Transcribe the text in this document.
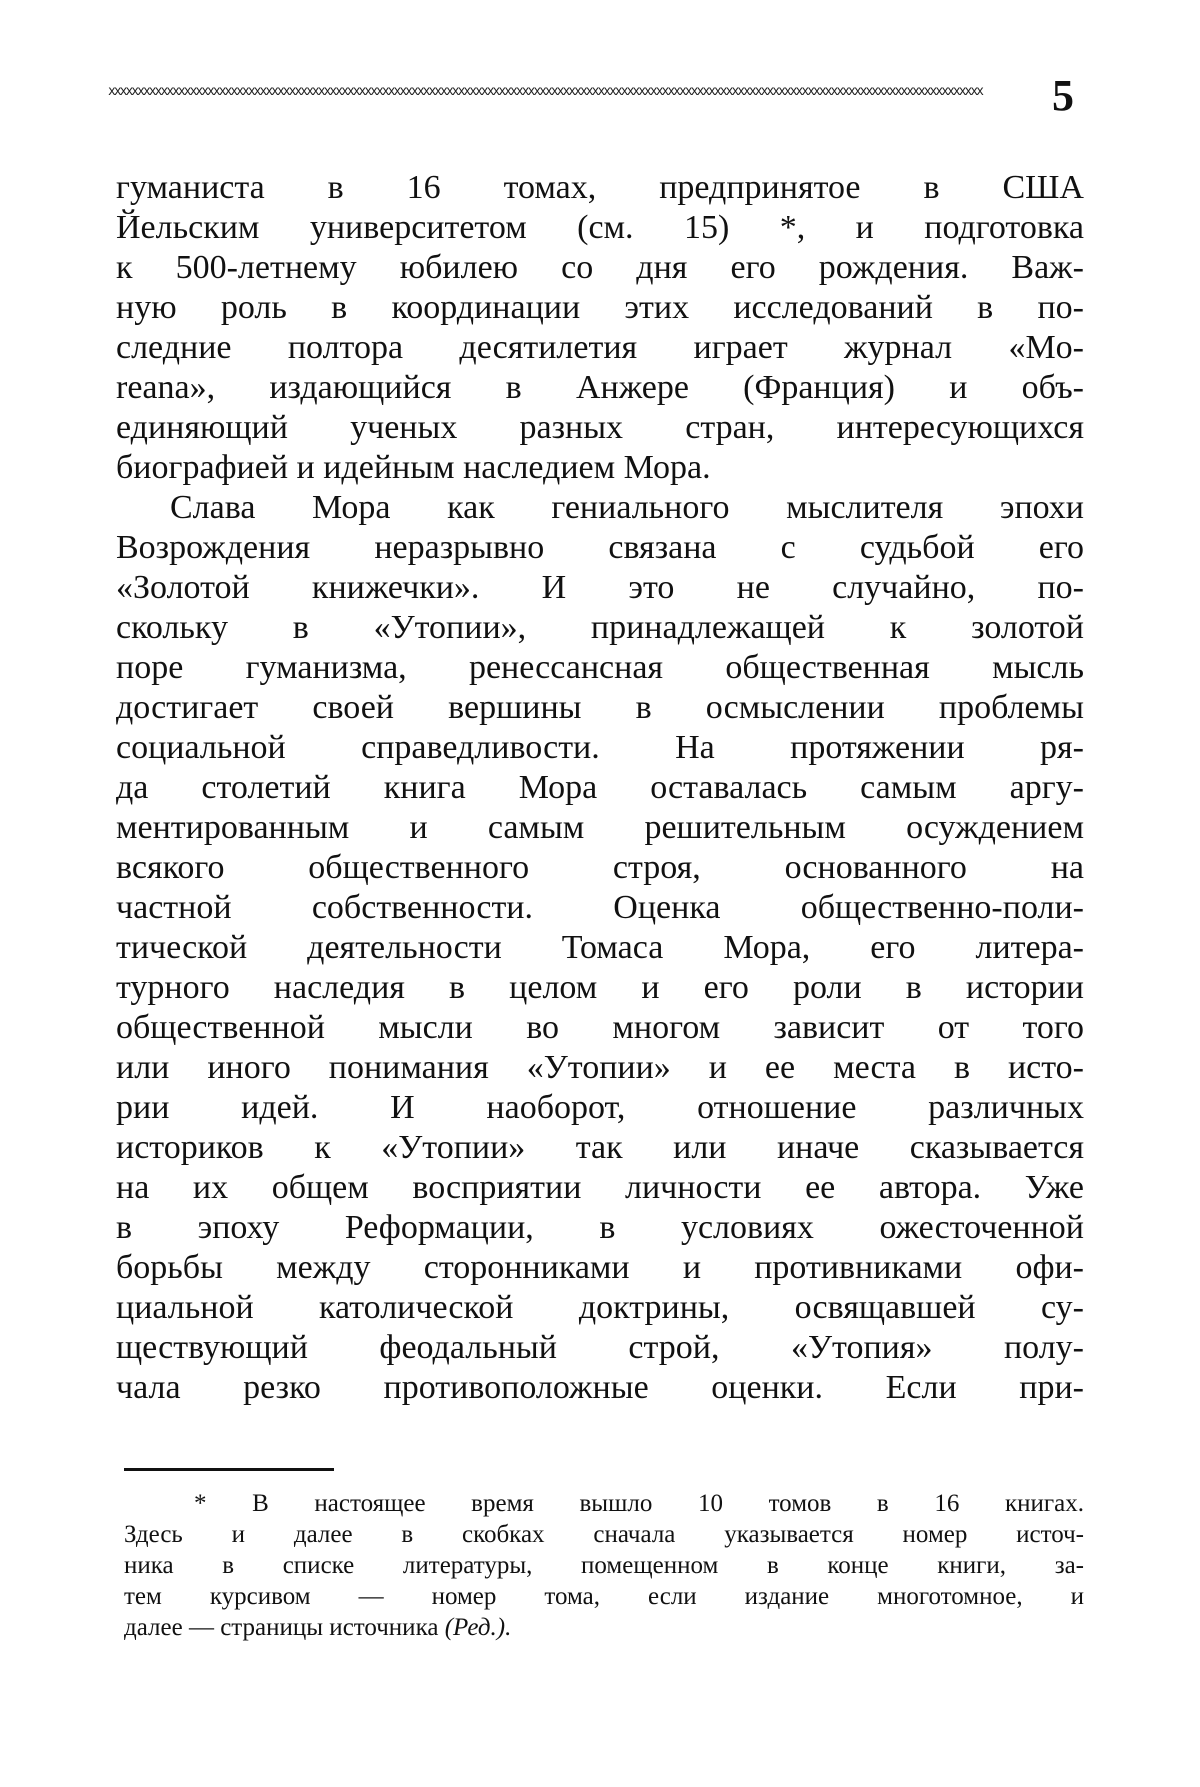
xxxxxxxxxxxxxxxxxxxxxxxxxxxxxxxxxxxxxxxxxxxxxxxxxxxxxxxxxxxxxxxxxxxxxxxxxxxxxxxxxxxxxxxxxxxxxxxxxxxxxxxxxxxxxxxxxxxxxxxxxxxxxxxxxxxxxxxxxxxxxxxxxxxxxx	5
гуманиста в 16 томах, предпринятое в США
Йельским университетом (см. 15) *, и подготовка
к 500-летнему юбилею со дня его рождения. Важ-
ную роль в координации этих исследований в по-
следние полтора десятилетия играет журнал «Mo-
reana», издающийся в Анжере (Франция) и объ-
единяющий ученых разных стран, интересующихся
биографией и идейным наследием Мора.
Слава Мора как гениального мыслителя эпохи
Возрождения неразрывно связана с судьбой его
«Золотой книжечки». И это не случайно, по-
скольку в «Утопии», принадлежащей к золотой
поре гуманизма, ренессансная общественная мысль
достигает своей вершины в осмыслении проблемы
социальной справедливости. На протяжении ря-
да столетий книга Мора оставалась самым аргу-
ментированным и самым решительным осуждением
всякого общественного строя, основанного на
частной собственности. Оценка общественно-поли-
тической деятельности Томаса Мора, его литера-
турного наследия в целом и его роли в истории
общественной мысли во многом зависит от того
или иного понимания «Утопии» и ее места в исто-
рии идей. И наоборот, отношение различных
историков к «Утопии» так или иначе сказывается
на их общем восприятии личности ее автора. Уже
в эпоху Реформации, в условиях ожесточенной
борьбы между сторонниками и противниками офи-
циальной католической доктрины, освящавшей су-
ществующий феодальный строй, «Утопия» полу-
чала резко противоположные оценки. Если при-
* В настоящее время вышло 10 томов в 16 книгах.
Здесь и далее в скобках сначала указывается номер источ-
ника в списке литературы, помещенном в конце книги, за-
тем курсивом — номер тома, если издание многотомное, и
далее — страницы источника (Ред.).
